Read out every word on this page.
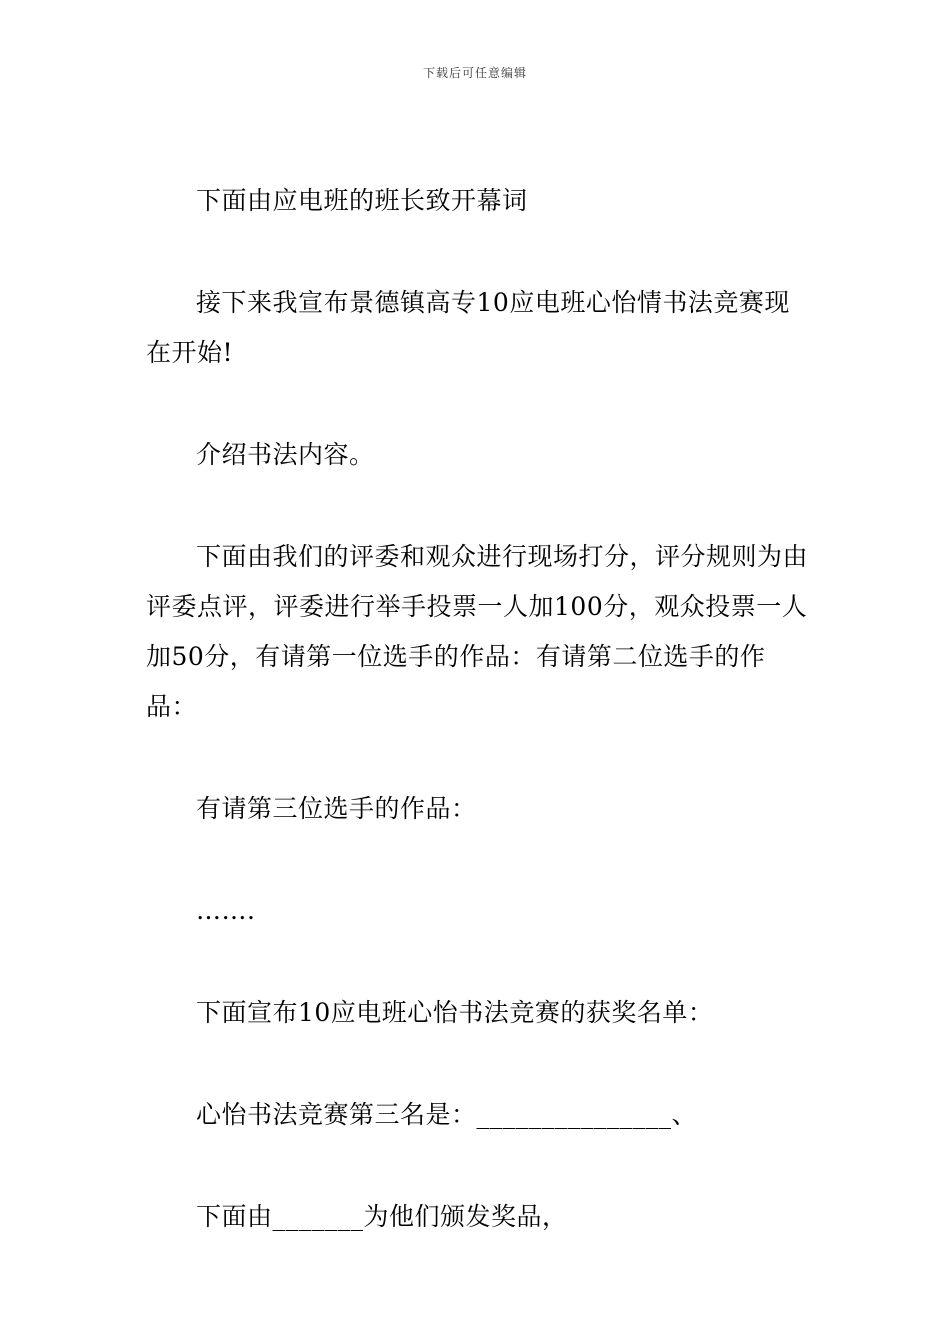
下载后可任意编辑

下面由应电班的班长致开幕词

接下来我宣布景德镇高专10应电班心怡情书法竞赛现在开始!

介绍书法内容。

下面由我们的评委和观众进行现场打分，评分规则为由评委点评，评委进行举手投票一人加100分，观众投票一人加50分，有请第一位选手的作品：有请第二位选手的作品：

有请第三位选手的作品：

…….

下面宣布10应电班心怡书法竞赛的获奖名单：

心怡书法竞赛第三名是：_______________、

下面由_______为他们颁发奖品，
